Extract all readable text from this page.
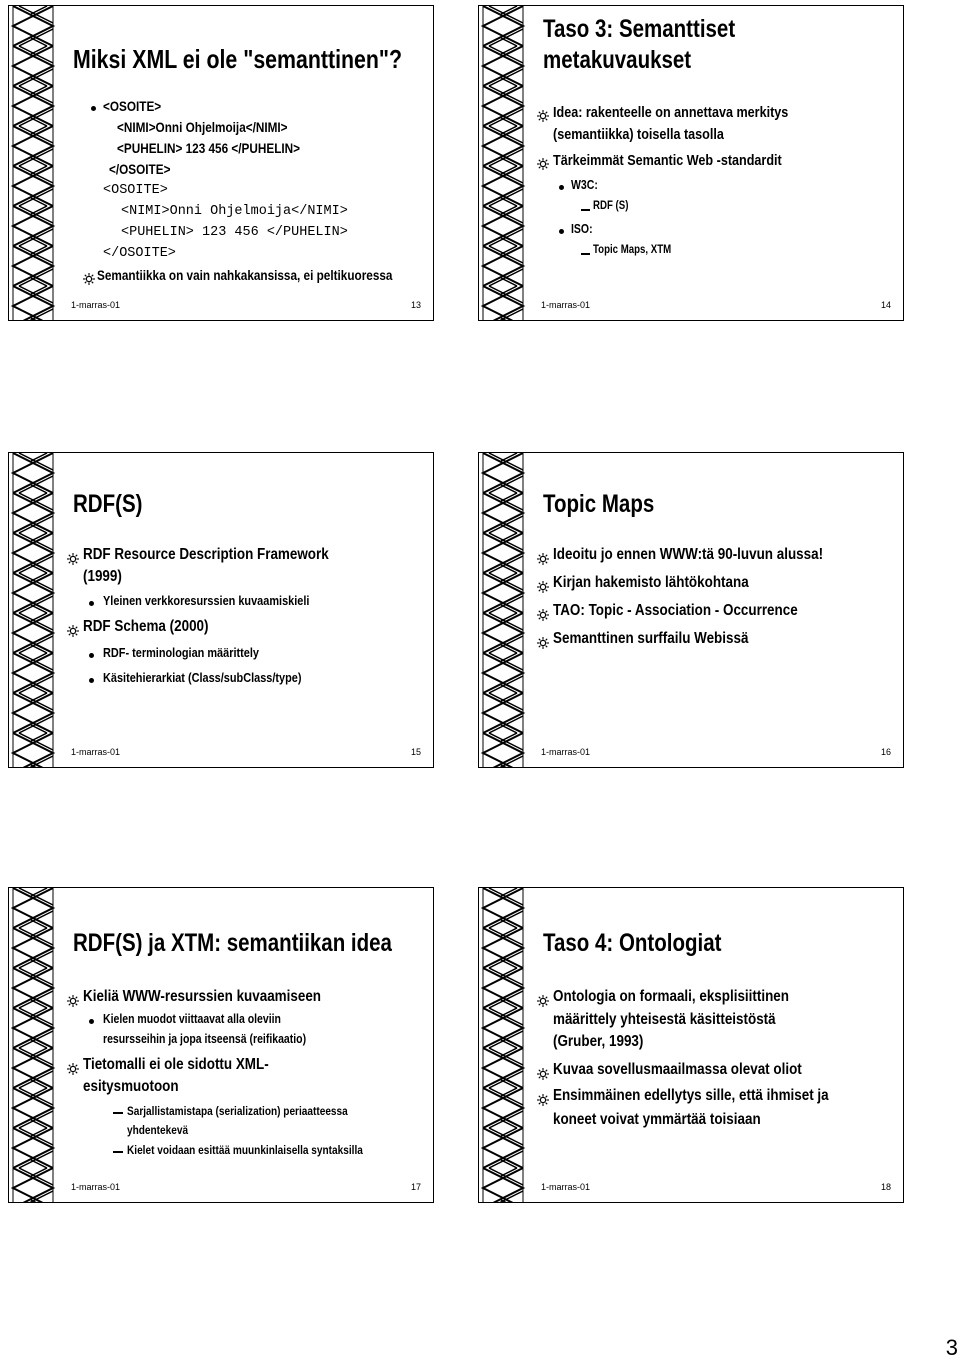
Miksi XML ei ole "semanttinen"?
<OSOITE>
<NIMI>Onni Ohjelmoija</NIMI>
<PUHELIN> 123 456 </PUHELIN>
</OSOITE>
<OSOITE>
<NIMI>Onni Ohjelmoija</NIMI>
<PUHELIN> 123 456 </PUHELIN>
</OSOITE>
Semantiikka on vain nahkakansissa, ei peltikuoressa
1-marras-01	13
Taso 3: Semanttiset
metakuvaukset
Idea: rakenteelle on annettava merkitys
(semantiikka) toisella tasolla
Tärkeimmät Semantic Web -standardit
W3C:
RDF (S)
ISO:
Topic Maps, XTM
1-marras-01	14
RDF(S)
RDF Resource Description Framework
(1999)
Yleinen verkkoresurssien kuvaamiskieli
RDF Schema (2000)
RDF- terminologian määrittely
Käsitehierarkiat (Class/subClass/type)
1-marras-01	15
Topic Maps
Ideoitu jo ennen WWW:tä 90-luvun alussa!
Kirjan hakemisto lähtökohtana
TAO: Topic - Association - Occurrence
Semanttinen surffailu Webissä
1-marras-01	16
RDF(S) ja XTM: semantiikan idea
Kieliä WWW-resurssien kuvaamiseen
Kielen muodot viittaavat alla oleviin
resursseihin ja jopa itseensä (reifikaatio)
Tietomalli ei ole sidottu XML-
esitysmuotoon
Sarjallistamistapa (serialization) periaatteessa
yhdentekevä
Kielet voidaan esittää muunkinlaisella syntaksilla
1-marras-01	17
Taso 4: Ontologiat
Ontologia on formaali, eksplisiittinen
määrittely yhteisestä käsitteistöstä
(Gruber, 1993)
Kuvaa sovellusmaailmassa olevat oliot
Ensimmäinen edellytys sille, että ihmiset ja
koneet voivat ymmärtää toisiaan
1-marras-01	18
3
